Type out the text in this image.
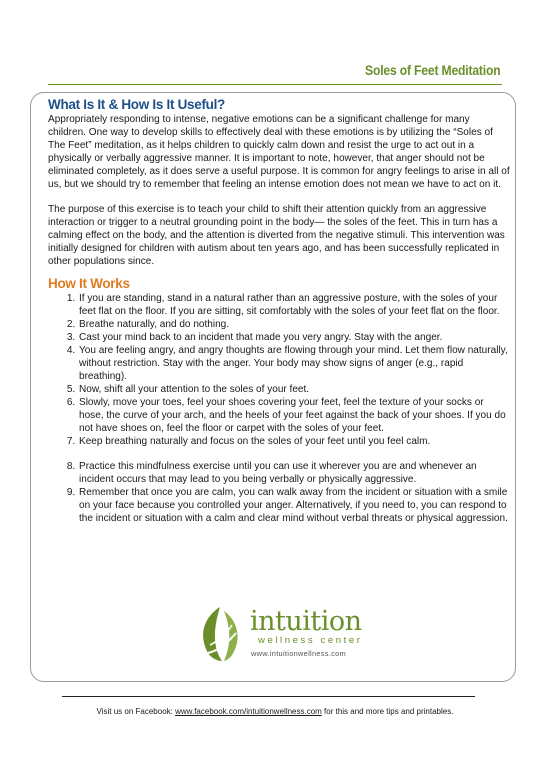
Soles of Feet Meditation
What Is It & How Is It Useful?

Appropriately responding to intense, negative emotions can be a significant challenge for many children. One way to develop skills to effectively deal with these emotions is by utilizing the “Soles of The Feet” meditation, as it helps children to quickly calm down and resist the urge to act out in a physically or verbally aggressive manner. It is important to note, however, that anger should not be eliminated completely, as it does serve a useful purpose. It is common for angry feelings to arise in all of us, but we should try to remember that feeling an intense emotion does not mean we have to act on it.

The purpose of this exercise is to teach your child to shift their attention quickly from an aggressive interaction or trigger to a neutral grounding point in the body— the soles of the feet. This in turn has a calming effect on the body, and the attention is diverted from the negative stimuli. This intervention was initially designed for children with autism about ten years ago, and has been successfully replicated in other populations since.

How It Works
1. If you are standing, stand in a natural rather than an aggressive posture, with the soles of your feet flat on the floor. If you are sitting, sit comfortably with the soles of your feet flat on the floor.
2. Breathe naturally, and do nothing.
3. Cast your mind back to an incident that made you very angry. Stay with the anger.
4. You are feeling angry, and angry thoughts are flowing through your mind. Let them flow naturally, without restriction. Stay with the anger. Your body may show signs of anger (e.g., rapid breathing).
5. Now, shift all your attention to the soles of your feet.
6. Slowly, move your toes, feel your shoes covering your feet, feel the texture of your socks or hose, the curve of your arch, and the heels of your feet against the back of your shoes. If you do not have shoes on, feel the floor or carpet with the soles of your feet.
7. Keep breathing naturally and focus on the soles of your feet until you feel calm.
8. Practice this mindfulness exercise until you can use it wherever you are and whenever an incident occurs that may lead to you being verbally or physically aggressive.
9. Remember that once you are calm, you can walk away from the incident or situation with a smile on your face because you controlled your anger. Alternatively, if you need to, you can respond to the incident or situation with a calm and clear mind without verbal threats or physical aggression.
intuition
wellness center
www.intuitionwellness.com
Visit us on Facebook: www.facebook.com/intuitionwellness.com for this and more tips and printables.
